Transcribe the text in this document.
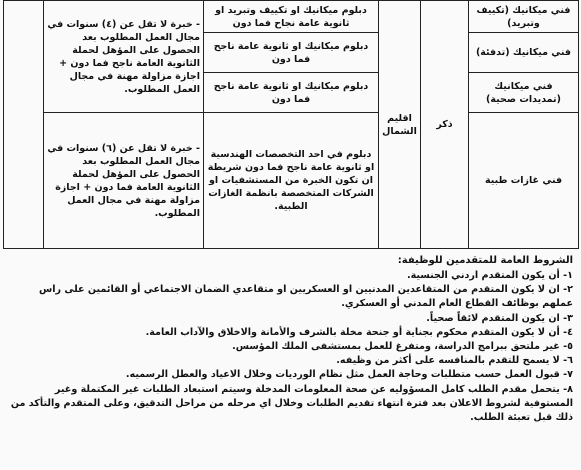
فني ميكانيك (تكييف وتبريد)	ذكر	اقليم الشمال	دبلوم ميكانيك او تكييف وتبريد او ثانوية عامة نجاح فما دون	- خبرة لا تقل عن (٤) سنوات في مجال العمل المطلوب بعد الحصول على المؤهل لحملة الثانوية العامة ناجح فما دون + اجازة مزاولة مهنة في مجال العمل المطلوب.	
فني ميكانيك (تدفئة)			دبلوم ميكانيك او ثانوية عامة ناجح فما دون		
فني ميكانيك (تمديدات صحية)			دبلوم ميكانيك او ثانوية عامة ناجح فما دون		
فني غازات طبية			دبلوم في احد التخصصات الهندسية او ثانوية عامة ناجح فما دون شريطة ان تكون الخبرة من المستشفيات او الشركات المتخصصة بانظمة الغازات الطبية.	- خبرة لا تقل عن (٦) سنوات في مجال العمل المطلوب بعد الحصول على المؤهل لحملة الثانوية العامة فما دون + اجازة مزاولة مهنة في مجال العمل المطلوب.	

الشروط العامة للمتقدمين للوظيفة:

١- أن يكون المتقدم اردني الجنسية.

٢- ان لا يكون المتقدم من المتقاعدين المدنيين او العسكريين او متقاعدي الضمان الاجتماعي أو القائمين على راس عملهم بوظائف القطاع العام المدني أو العسكري.

٣- ان يكون المتقدم لائقاً صحياً.

٤- أن لا يكون المتقدم محكوم بجناية أو جنحة مخلة بالشرف والأمانة والاخلاق والآداب العامة.

٥- غير ملتحق ببرامج الدراسة، ومتفرغ للعمل بمستشفى الملك المؤسس.

٦- لا يسمح للتقدم بالمنافسه على أكثر من وظيفه.

٧- قبول العمل حسب متطلبات وحاجة العمل مثل نظام الورديات وخلال الاعياد والعطل الرسميه.

٨- يتحمل مقدم الطلب كامل المسؤوليه عن صحة المعلومات المدخلة وسيتم استبعاد الطلبات غير المكتملة وغير المستوفية لشروط الاعلان بعد فترة انتهاء تقديم الطلبات وخلال اي مرحله من مراحل التدقيق، وعلى المتقدم والتأكد من ذلك قبل تعبئة الطلب.
